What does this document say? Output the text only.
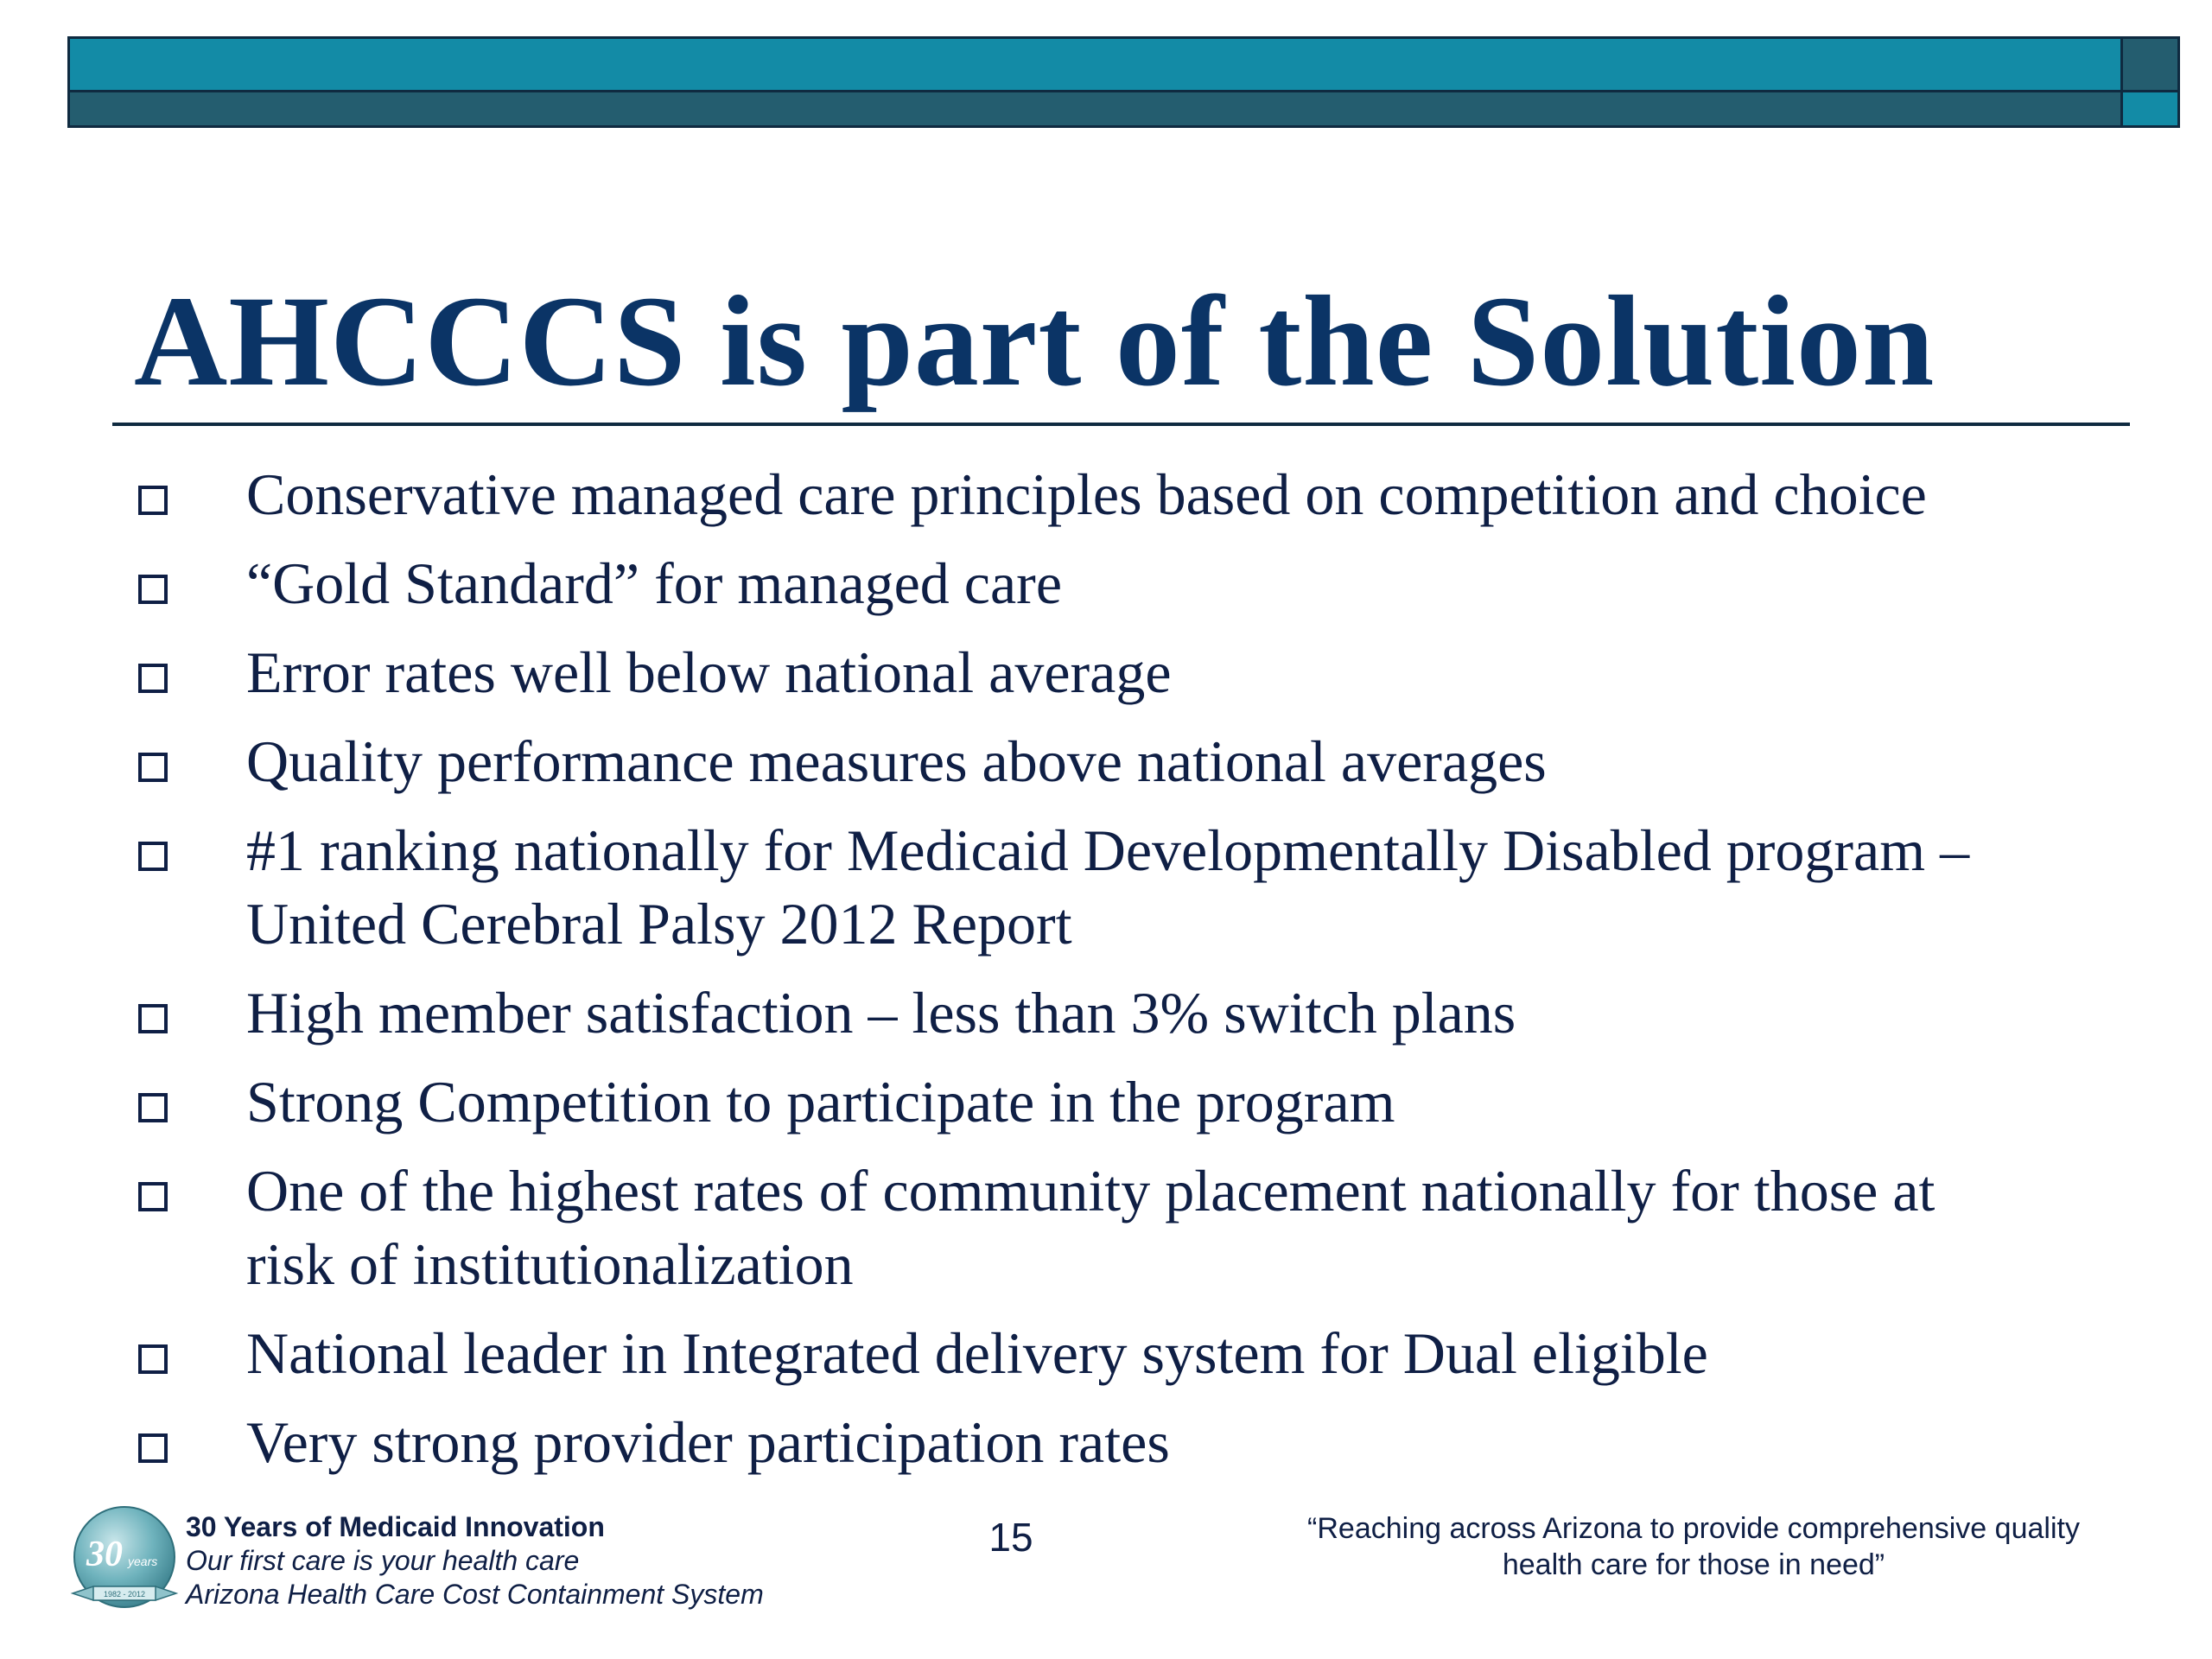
AHCCCS is part of the Solution
Conservative managed care principles based on competition and choice
“Gold Standard” for managed care
Error rates well below national average
Quality performance measures above national averages
#1 ranking nationally for Medicaid Developmentally Disabled program –
United Cerebral Palsy 2012 Report
High member satisfaction – less than 3% switch plans
Strong Competition to participate in the program
One of the highest rates of community placement nationally for those at
risk of institutionalization
National leader in Integrated delivery system for Dual eligible
Very strong provider participation rates
30 years
1982 - 2012
30 Years of Medicaid Innovation
Our first care is your health care
Arizona Health Care Cost Containment System
15	“Reaching across Arizona to provide comprehensive quality
health care for those in need”
